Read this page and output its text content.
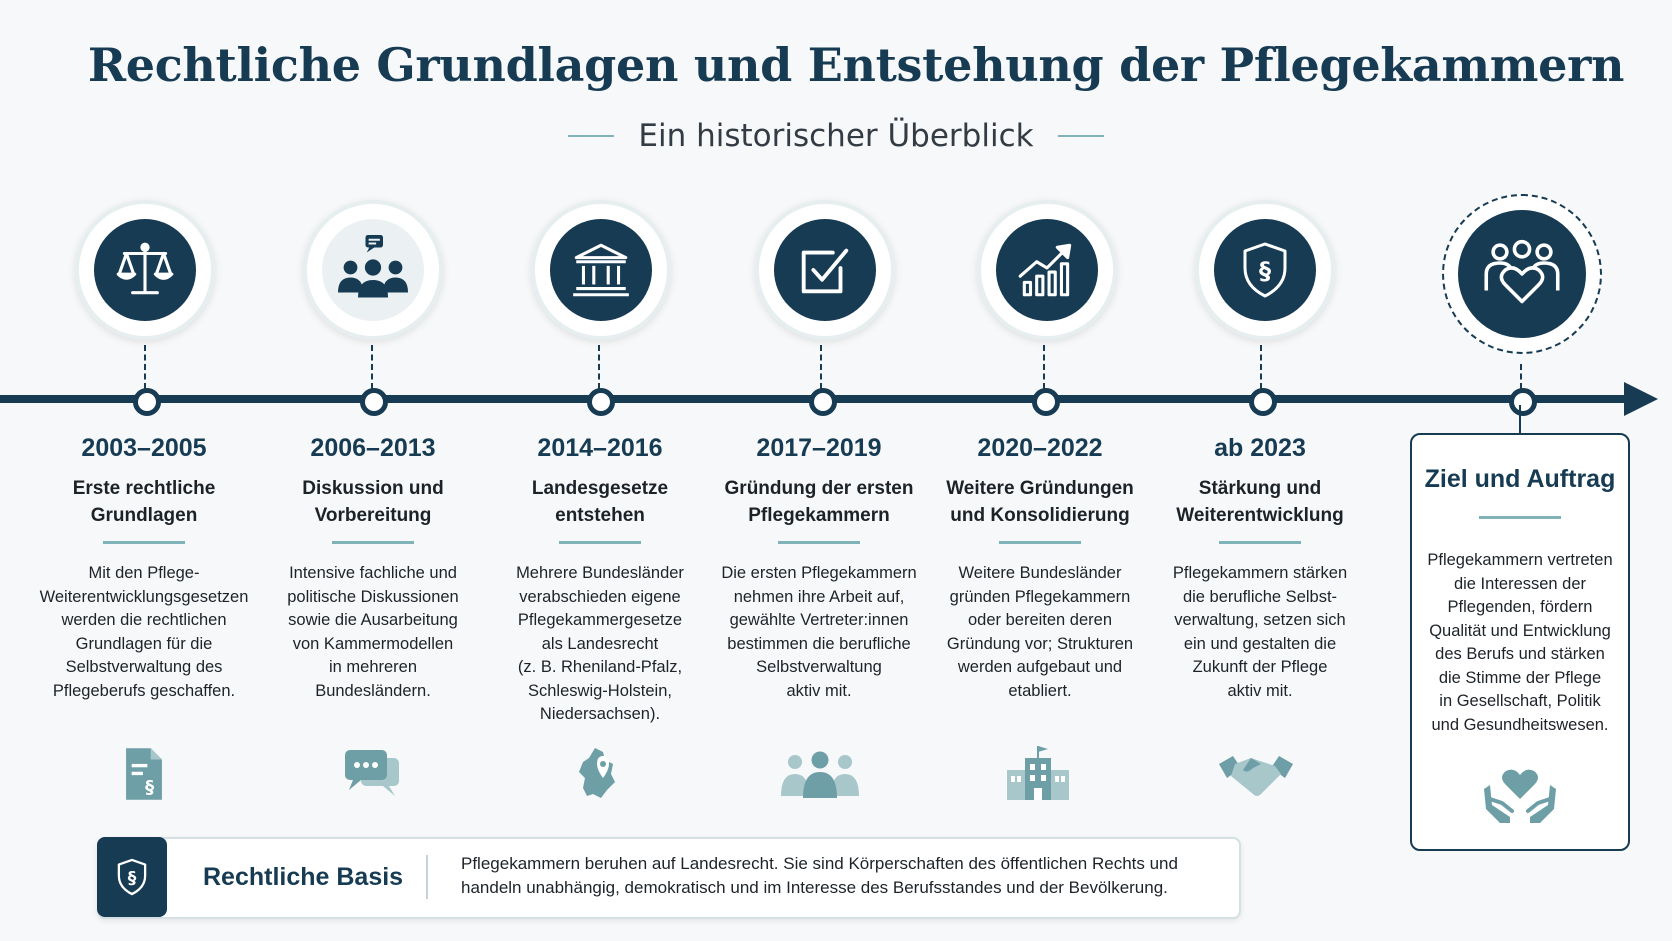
Rechtliche Grundlagen und Entstehung der Pflegekammern
Ein historischer Überblick
§
2003–2005
Erste rechtliche
Grundlagen
Mit den Pflege-
Weiterentwicklungsgesetzen
werden die rechtlichen
Grundlagen für die
Selbstverwaltung des
Pflegeberufs geschaffen.
2006–2013
Diskussion und
Vorbereitung
Intensive fachliche und
politische Diskussionen
sowie die Ausarbeitung
von Kammermodellen
in mehreren
Bundesländern.
2014–2016
Landesgesetze
entstehen
Mehrere Bundesländer
verabschieden eigene
Pflegekammergesetze
als Landesrecht
(z. B. Rheniland-Pfalz,
Schleswig-Holstein,
Niedersachsen).
2017–2019
Gründung der ersten
Pflegekammern
Die ersten Pflegekammern
nehmen ihre Arbeit auf,
gewählte Vertreter:innen
bestimmen die berufliche
Selbstverwaltung
aktiv mit.
2020–2022
Weitere Gründungen
und Konsolidierung
Weitere Bundesländer
gründen Pflegekammern
oder bereiten deren
Gründung vor; Strukturen
werden aufgebaut und
etabliert.
ab 2023
Stärkung und
Weiterentwicklung
Pflegekammern stärken
die berufliche Selbst-
verwaltung, setzen sich
ein und gestalten die
Zukunft der Pflege
aktiv mit.
§
Ziel und Auftrag
Pflegekammern vertreten
die Interessen der
Pflegenden, fördern
Qualität und Entwicklung
des Berufs und stärken
die Stimme der Pflege
in Gesellschaft, Politik
und Gesundheitswesen.
§	Rechtliche Basis	Pflegekammern beruhen auf Landesrecht. Sie sind Körperschaften des öffentlichen Rechts und
handeln unabhängig, demokratisch und im Interesse des Berufsstandes und der Bevölkerung.
